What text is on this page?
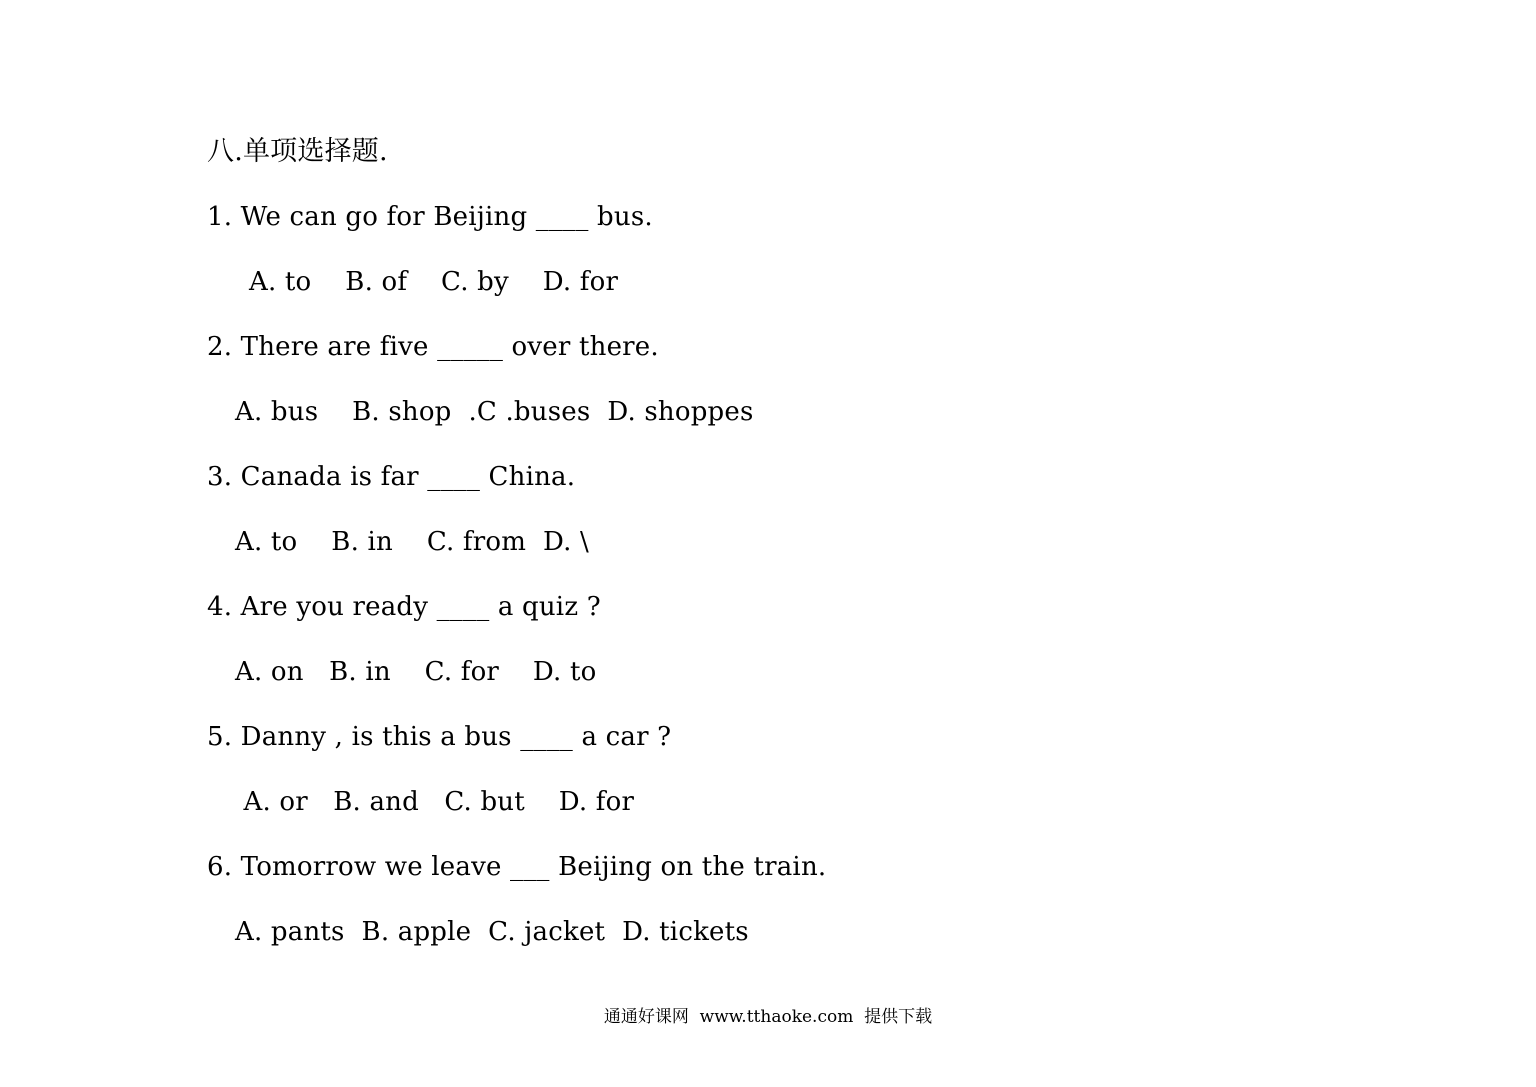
八.单项选择题.
1. We can go for Beijing ____ bus.
A. to    B. of    C. by    D. for
2. There are five _____ over there.
A. bus    B. shop  .C .buses  D. shoppes
3. Canada is far ____ China.
A. to    B. in    C. from  D. \
4. Are you ready ____ a quiz ?
A. on   B. in    C. for    D. to
5. Danny , is this a bus ____ a car ?
A. or   B. and   C. but    D. for
6. Tomorrow we leave ___ Beijing on the train.
A. pants  B. apple  C. jacket  D. tickets
通通好课网  www.tthaoke.com  提供下载
